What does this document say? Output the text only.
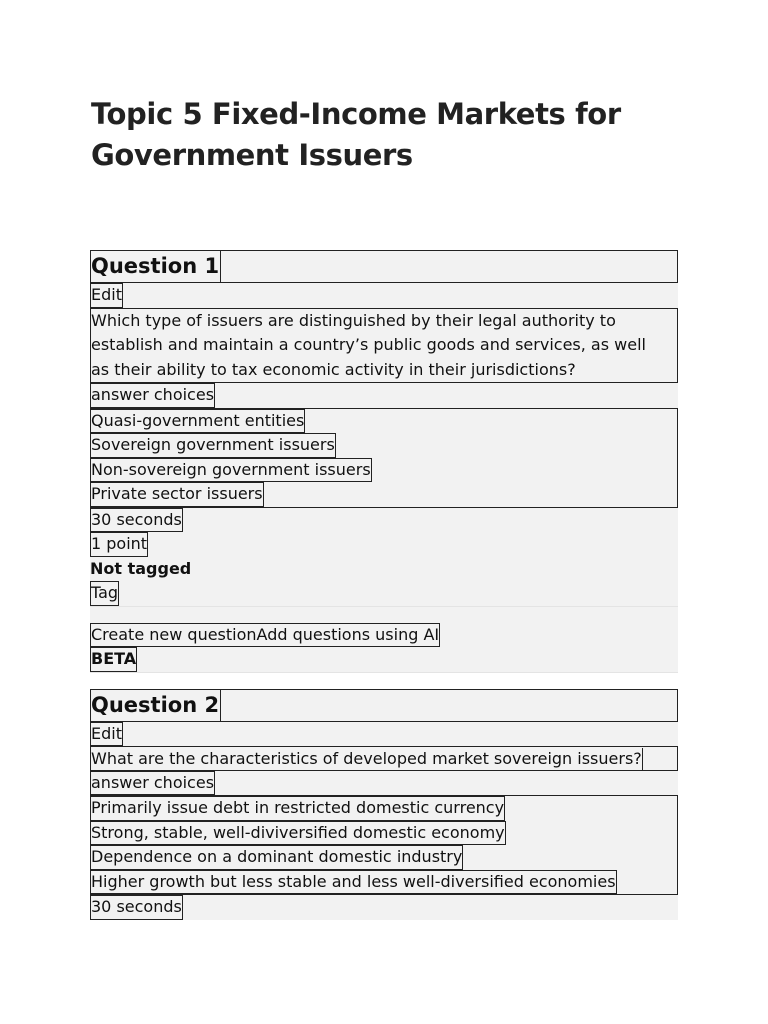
Topic 5 Fixed-Income Markets for Government Issuers
Question 1
Edit
Which type of issuers are distinguished by their legal authority to establish and maintain a country’s public goods and services, as well as their ability to tax economic activity in their jurisdictions?
answer choices
Quasi-government entities
Sovereign government issuers
Non-sovereign government issuers
Private sector issuers
30 seconds
1 point
Not tagged
Tag
Create new questionAdd questions using AI
BETA
Question 2
Edit
What are the characteristics of developed market sovereign issuers?
answer choices
Primarily issue debt in restricted domestic currency
Strong, stable, well-diviversified domestic economy
Dependence on a dominant domestic industry
Higher growth but less stable and less well-diversified economies
30 seconds
